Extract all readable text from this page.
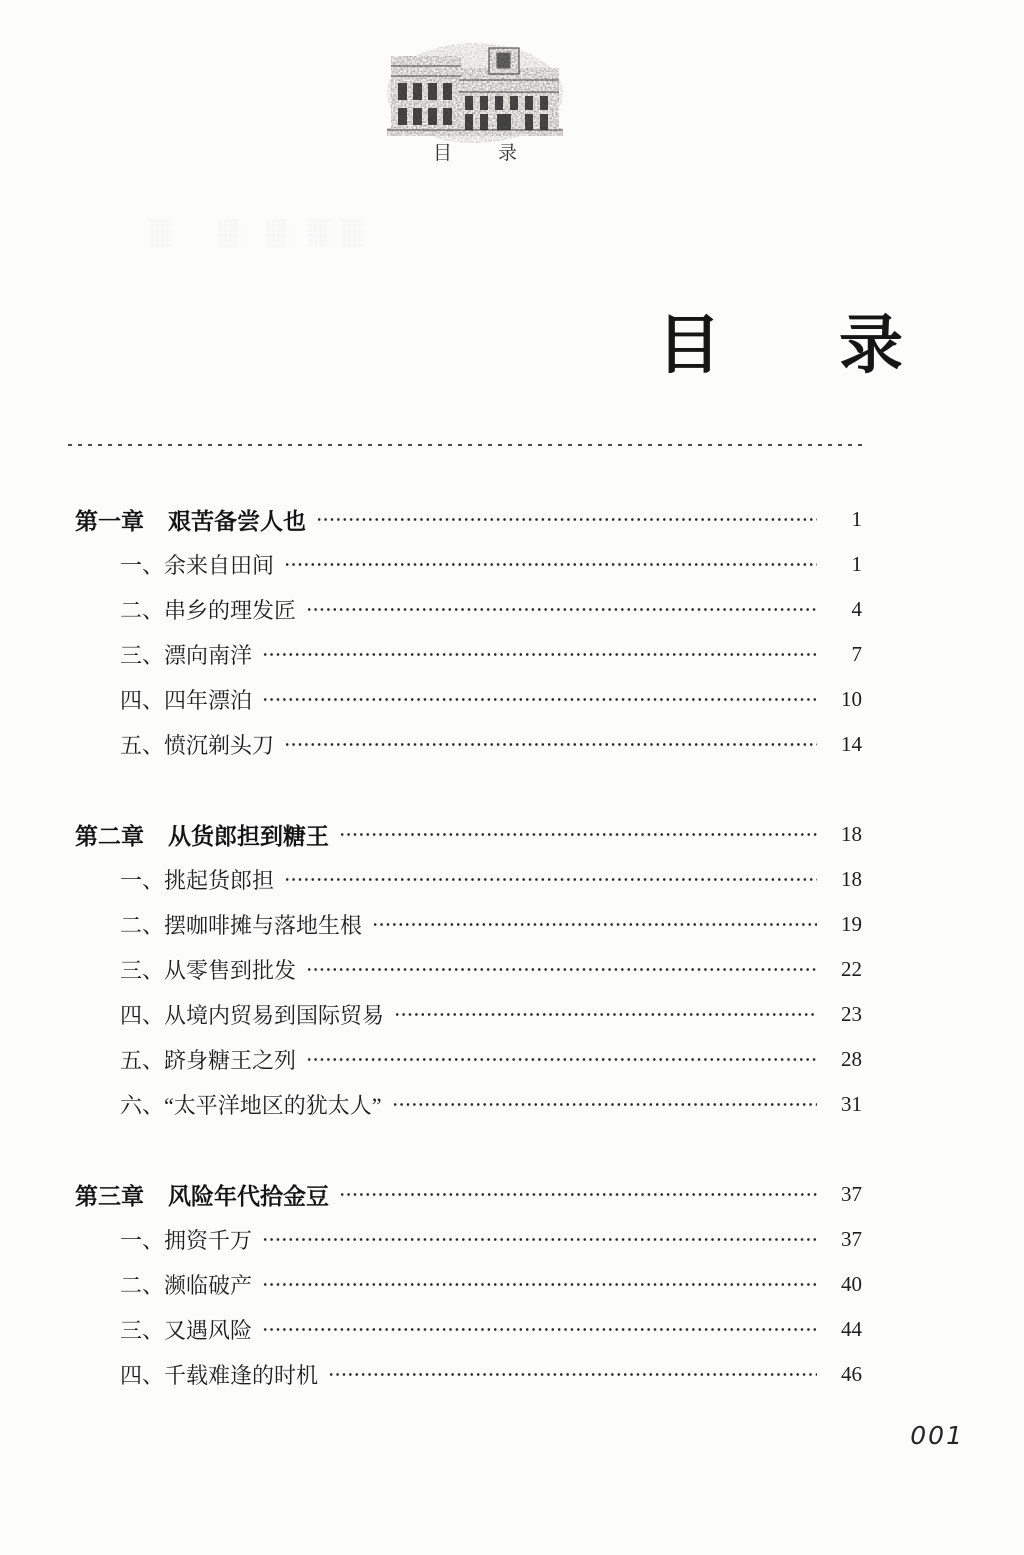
目 录
目 录
第一章 艰苦备尝人也	1
一、余来自田间	1
二、串乡的理发匠	4
三、漂向南洋	7
四、四年漂泊	10
五、愤沉剃头刀	14
第二章 从货郎担到糖王	18
一、挑起货郎担	18
二、摆咖啡摊与落地生根	19
三、从零售到批发	22
四、从境内贸易到国际贸易	23
五、跻身糖王之列	28
六、“太平洋地区的犹太人”	31
第三章 风险年代拾金豆	37
一、拥资千万	37
二、濒临破产	40
三、又遇风险	44
四、千载难逢的时机	46
001
